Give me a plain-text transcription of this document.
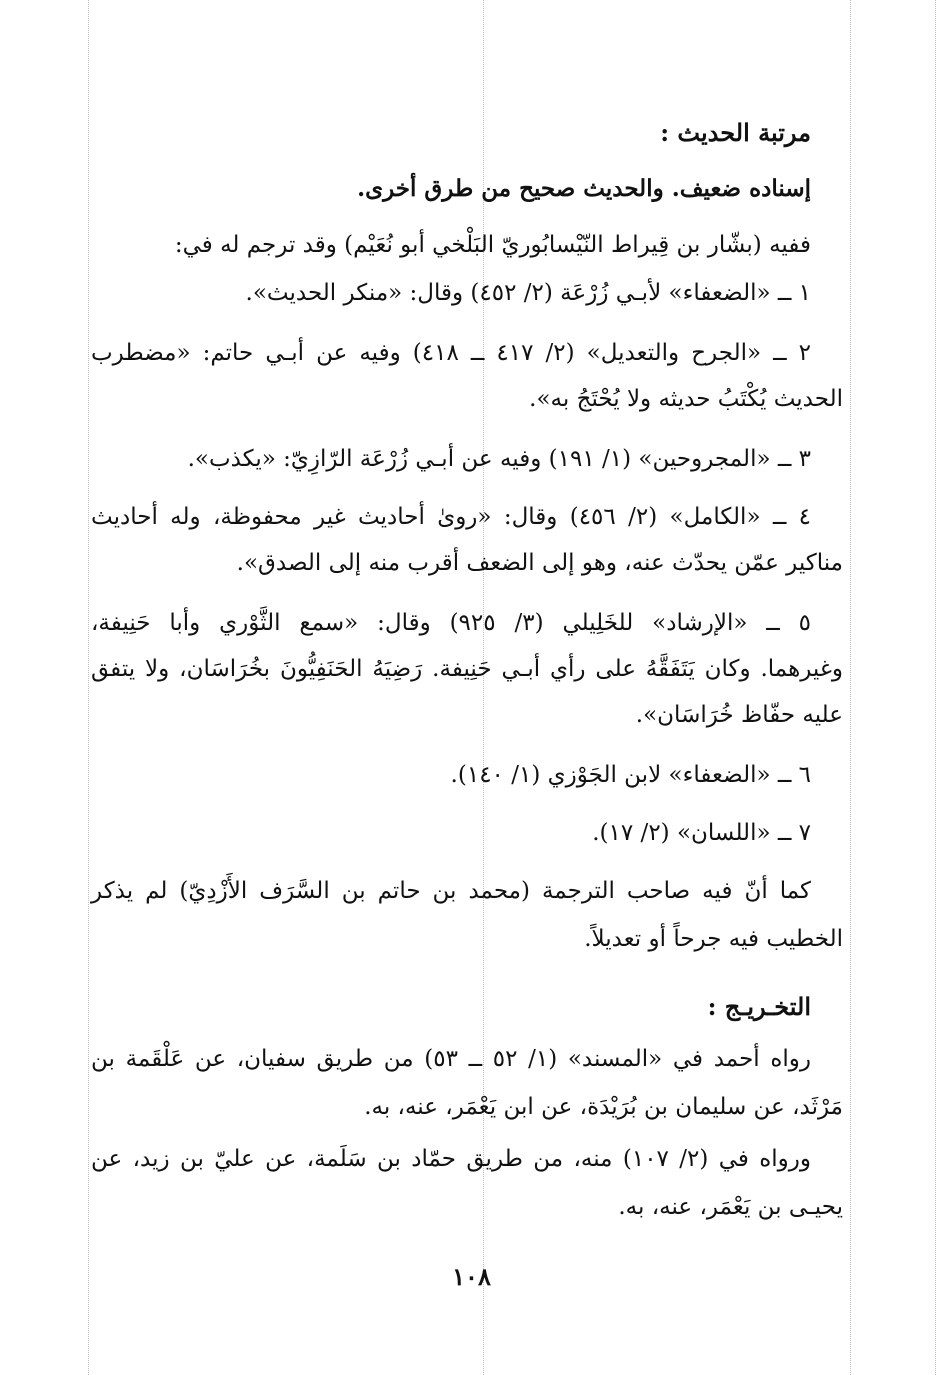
مرتبة الحديث :
إسناده ضعيف. والحديث صحيح من طرق أخرى.
ففيه (بشّار بن قِيراط النّيْسابُوريّ البَلْخي أبو نُعَيْم) وقد ترجم له في:
١ ــ «الضعفاء» لأبـي زُرْعَة (٢/ ٤٥٢) وقال: «منكر الحديث».
٢ ــ «الجرح والتعديل» (٢/ ٤١٧ ــ ٤١٨) وفيه عن أبـي حاتم: «مضطرب
الحديث يُكْتَبُ حديثه ولا يُحْتَجُ به».
٣ ــ «المجروحين» (١/ ١٩١) وفيه عن أبـي زُرْعَة الرّازِيّ: «يكذب».
٤ ــ «الكامل» (٢/ ٤٥٦) وقال: «روىٰ أحاديث غير محفوظة، وله أحاديث
مناكير عمّن يحدّث عنه، وهو إلى الضعف أقرب منه إلى الصدق».
٥ ــ «الإرشاد» للخَلِيلي (٣/ ٩٢٥) وقال: «سمع الثَّوْري وأبا حَنِيفة،
وغيرهما. وكان يَتَفَقَّهُ على رأي أبـي حَنِيفة. رَضِيَهُ الحَنَفِيُّونَ بخُرَاسَان، ولا يتفق
عليه حفّاظ خُرَاسَان».
٦ ــ «الضعفاء» لابن الجَوْزي (١/ ١٤٠).
٧ ــ «اللسان» (٢/ ١٧).
كما أنّ فيه صاحب الترجمة (محمد بن حاتم بن السَّرَف الأَزْدِيّ) لم يذكر
الخطيب فيه جرحاً أو تعديلاً.
التخـريـج :
رواه أحمد في «المسند» (١/ ٥٢ ــ ٥٣) من طريق سفيان، عن عَلْقَمة بن
مَرْثَد، عن سليمان بن بُرَيْدَة، عن ابن يَعْمَر، عنه، به.
ورواه في (٢/ ١٠٧) منه، من طريق حمّاد بن سَلَمة، عن عليّ بن زيد، عن
يحيـى بن يَعْمَر، عنه، به.
١٠٨
